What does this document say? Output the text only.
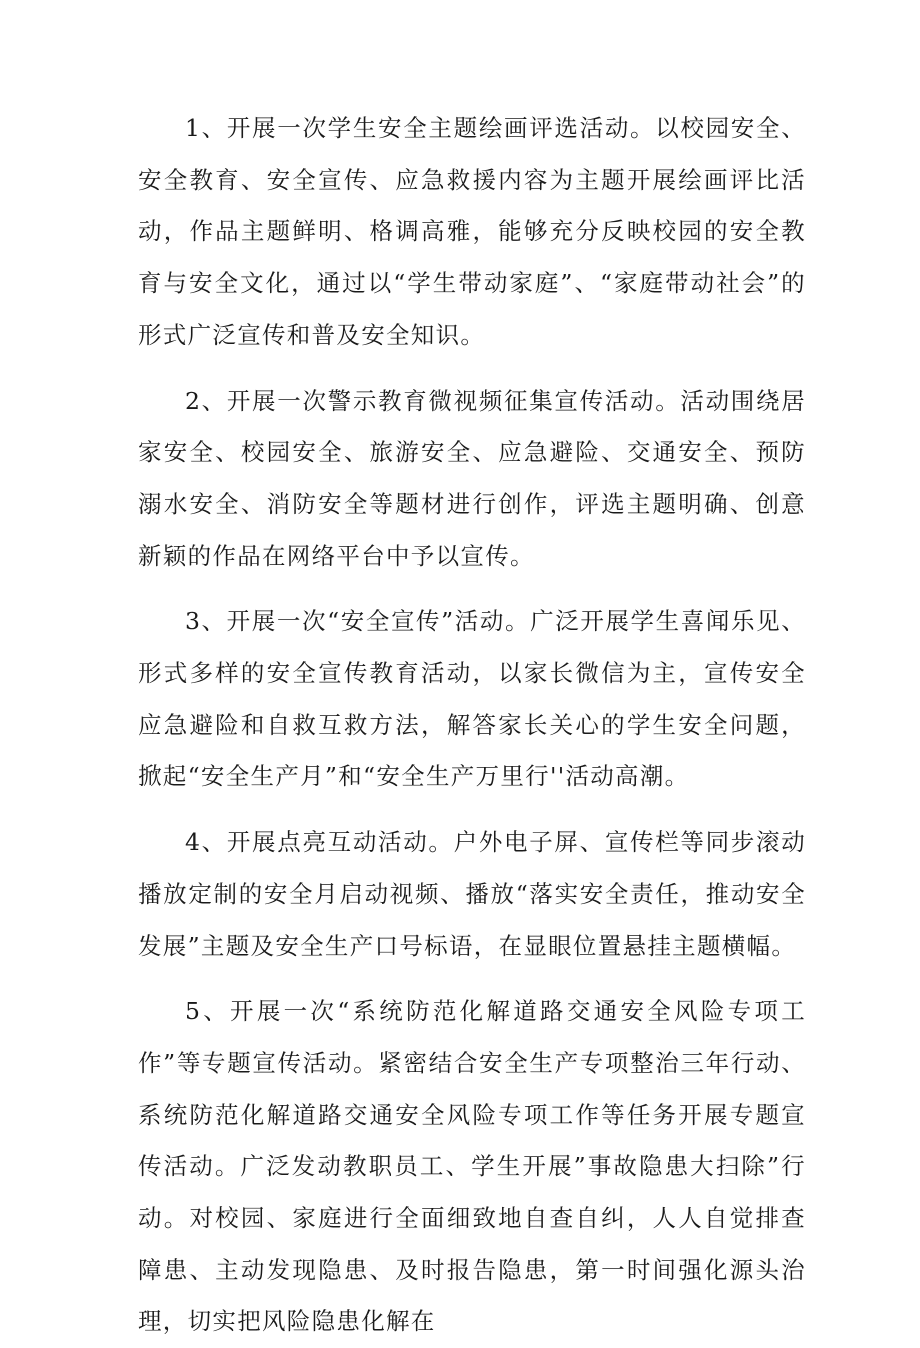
1、开展一次学生安全主题绘画评选活动。以校园安全、安全教育、安全宣传、应急救援内容为主题开展绘画评比活动，作品主题鲜明、格调高雅，能够充分反映校园的安全教育与安全文化，通过以“学生带动家庭”、“家庭带动社会”的形式广泛宣传和普及安全知识。

2、开展一次警示教育微视频征集宣传活动。活动围绕居家安全、校园安全、旅游安全、应急避险、交通安全、预防溺水安全、消防安全等题材进行创作，评选主题明确、创意新颖的作品在网络平台中予以宣传。

3、开展一次“安全宣传”活动。广泛开展学生喜闻乐见、形式多样的安全宣传教育活动，以家长微信为主，宣传安全应急避险和自救互救方法，解答家长关心的学生安全问题，掀起“安全生产月”和“安全生产万里行''活动高潮。

4、开展点亮互动活动。户外电子屏、宣传栏等同步滚动播放定制的安全月启动视频、播放“落实安全责任，推动安全发展”主题及安全生产口号标语，在显眼位置悬挂主题横幅。

5、开展一次“系统防范化解道路交通安全风险专项工作”等专题宣传活动。紧密结合安全生产专项整治三年行动、系统防范化解道路交通安全风险专项工作等任务开展专题宣传活动。广泛发动教职员工、学生开展”事故隐患大扫除”行动。对校园、家庭进行全面细致地自查自纠，人人自觉排查障患、主动发现隐患、及时报告隐患，第一时间强化源头治理，切实把风险隐患化解在
